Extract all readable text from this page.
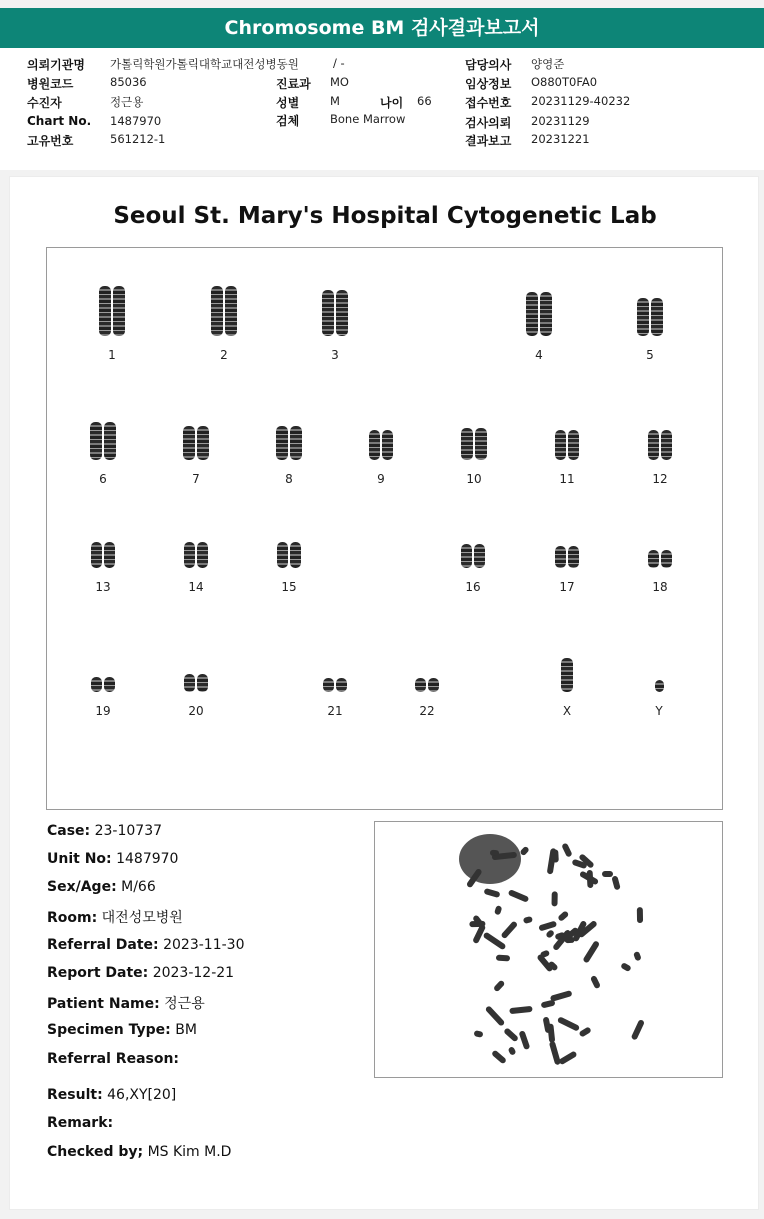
Chromosome BM 검사결과보고서
의뢰기관명 가톨릭학원가톨릭대학교대전성병동원	/ -
병원코드	85036
수진자	정근용
Chart No. 1487970
고유번호	561212-1
진료과 MO
성별	M	나이 66
검체	Bone Marrow
담당의사 양영준
임상정보 O880T0FA0
접수번호 20231129-40232
검사의뢰 20231129
결과보고 20231221
Seoul St. Mary's Hospital Cytogenetic Lab
1	2	3	4	5
6	7	8	9	10	11	12
13	14	15	16	17	18
19	20	21	22	X	Y
Case: 23-10737
Unit No: 1487970
Sex/Age: M/66
Room: 대전성모병원
Referral Date: 2023-11-30
Report Date: 2023-12-21
Patient Name: 정근용
Specimen Type: BM
Referral Reason:
Result: 46,XY[20]
Remark:
Checked by; MS Kim M.D
